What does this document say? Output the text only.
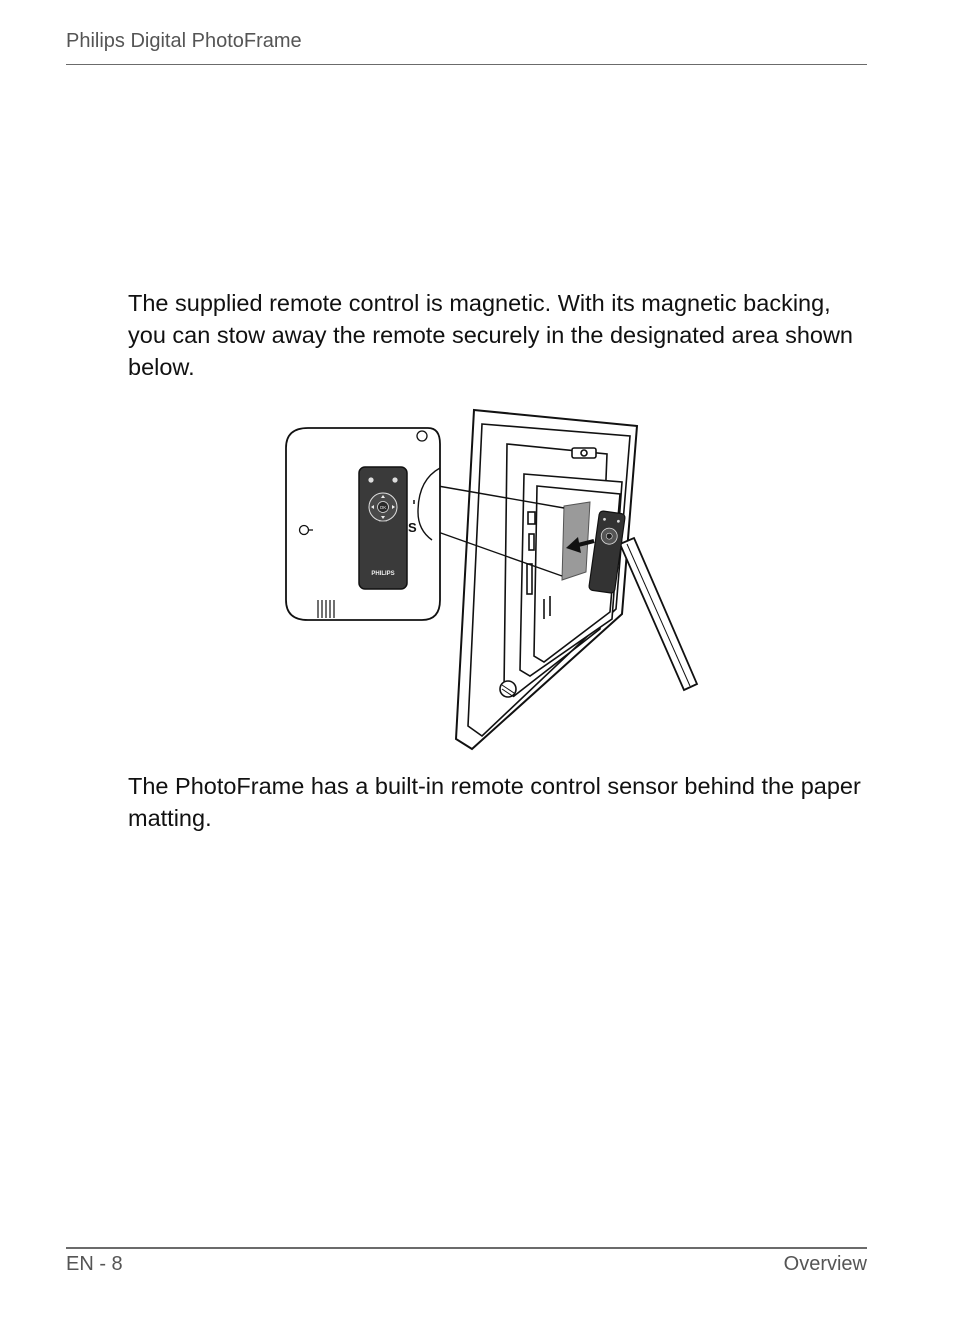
Philips Digital PhotoFrame

The supplied remote control is magnetic. With its magnetic backing, you can stow away the remote securely in the designated area shown below.

S
OK
PHILIPS

The PhotoFrame has a built-in remote control sensor behind the paper matting.

EN - 8	Overview
